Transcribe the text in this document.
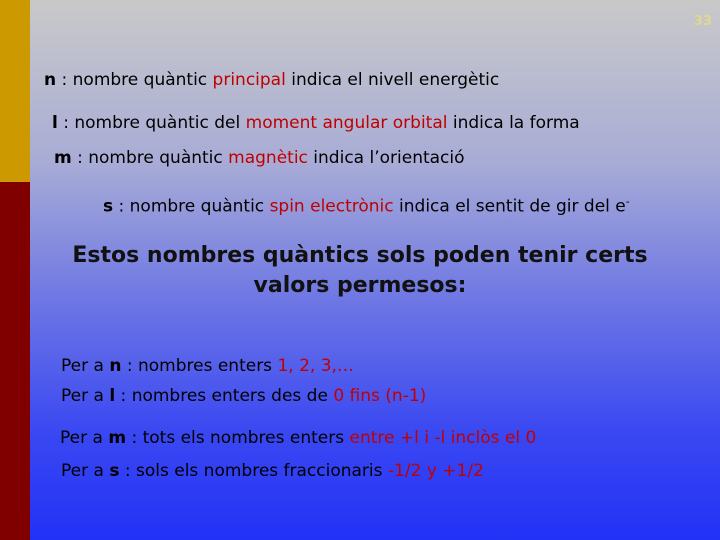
33
n : nombre quàntic principal indica el nivell energètic
l : nombre quàntic del moment angular orbital indica la forma
m : nombre quàntic magnètic indica l’orientació
s : nombre quàntic spin electrònic indica el sentit de gir del e-
Estos nombres quàntics sols poden tenir certs
valors permesos:
Per a n : nombres enters 1, 2, 3,…
Per a l : nombres enters des de 0 fins (n-1)
Per a m : tots els nombres enters entre +l i -l inclòs el 0
Per a s : sols els nombres fraccionaris -1/2 y +1/2
